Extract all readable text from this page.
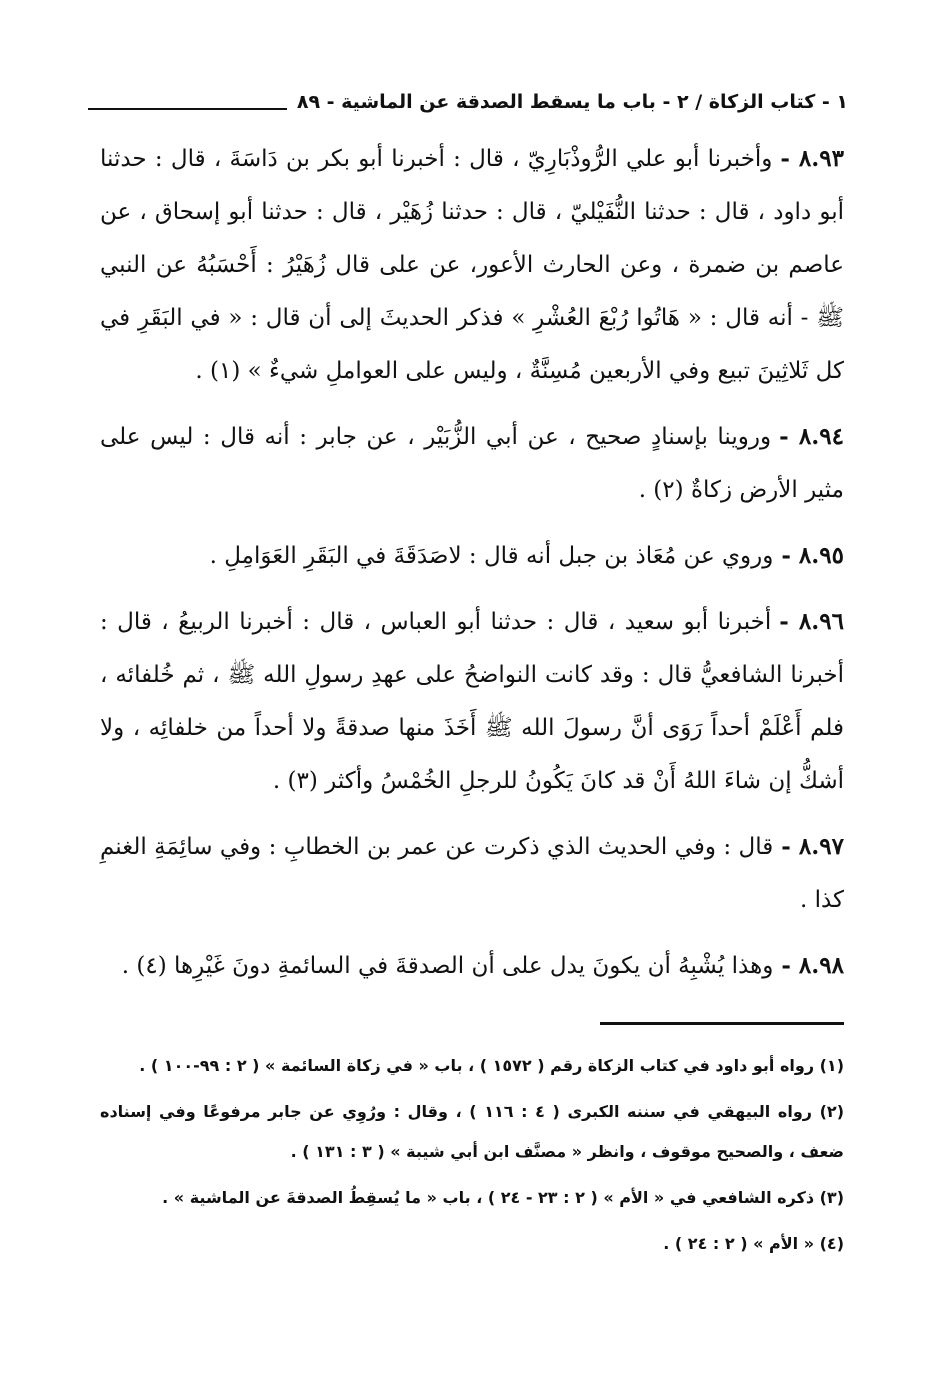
١ - كتاب الزكاة / ٢ - باب ما يسقط الصدقة عن الماشية - ٨٩

٨.٩٣ -وأخبرنا أبو علي الرُّوذْبَارِيّ ، قال : أخبرنا أبو بكر بن دَاسَةَ ، قال : حدثنا أبو داود ، قال : حدثنا النُّفَيْليّ ، قال : حدثنا زُهَيْر ، قال : حدثنا أبو إسحاق ، عن عاصم بن ضمرة ، وعن الحارث الأعور، عن على قال زُهَيْرُ : أَحْسَبُهُ عن النبي ﷺ - أنه قال : « هَاتُوا رُبْعَ العُشْرِ » فذكر الحديثَ إلى أن قال : « في البَقَرِ في كل ثَلاثِينَ تبيع وفي الأربعين مُسِنَّةٌ ، وليس على العواملِ شيءٌ » (١) .

٨.٩٤ -وروينا بإسنادٍ صحيح ، عن أبي الزُّبَيْر ، عن جابر : أنه قال : ليس على مثير الأرض زكاةٌ (٢) .

٨.٩٥ -وروي عن مُعَاذ بن جبل أنه قال : لاصَدَقَةَ في البَقَرِ العَوَامِلِ .

٨.٩٦ -أخبرنا أبو سعيد ، قال : حدثنا أبو العباس ، قال : أخبرنا الربيعُ ، قال : أخبرنا الشافعيُّ قال : وقد كانت النواضحُ على عهدِ رسولِ الله ﷺ ، ثم خُلفائه ، فلم أَعْلَمْ أحداً رَوَى أنَّ رسولَ الله ﷺ أَخَذَ منها صدقةً ولا أحداً من خلفائِه ، ولا أشكُّ إن شاءَ اللهُ أَنْ قد كانَ يَكُونُ للرجلِ الخُمْسُ وأكثر (٣) .

٨.٩٧ -قال : وفي الحديث الذي ذكرت عن عمر بن الخطابِ : وفي سائِمَةِ الغنمِ كذا .

٨.٩٨ -وهذا يُشْبِهُ أن يكونَ يدل على أن الصدقةَ في السائمةِ دونَ غَيْرِها (٤) .

(١) رواه أبو داود في كتاب الزكاة رقم ( ١٥٧٢ ) ، باب « في زكاة السائمة » ( ٢ : ٩٩-١٠٠ ) .

(٢) رواه البيهقي في سننه الكبرى ( ٤ : ١١٦ ) ، وقال : ورُوِي عن جابر مرفوعًا وفي إسناده ضعف ، والصحيح موقوف ، وانظر « مصنَّف ابن أبي شيبة » ( ٣ : ١٣١ ) .

(٣) ذكره الشافعي في « الأم » ( ٢ : ٢٣ - ٢٤ ) ، باب « ما يُسقِطُ الصدقةَ عن الماشية » .

(٤) « الأم » ( ٢ : ٢٤ ) .
